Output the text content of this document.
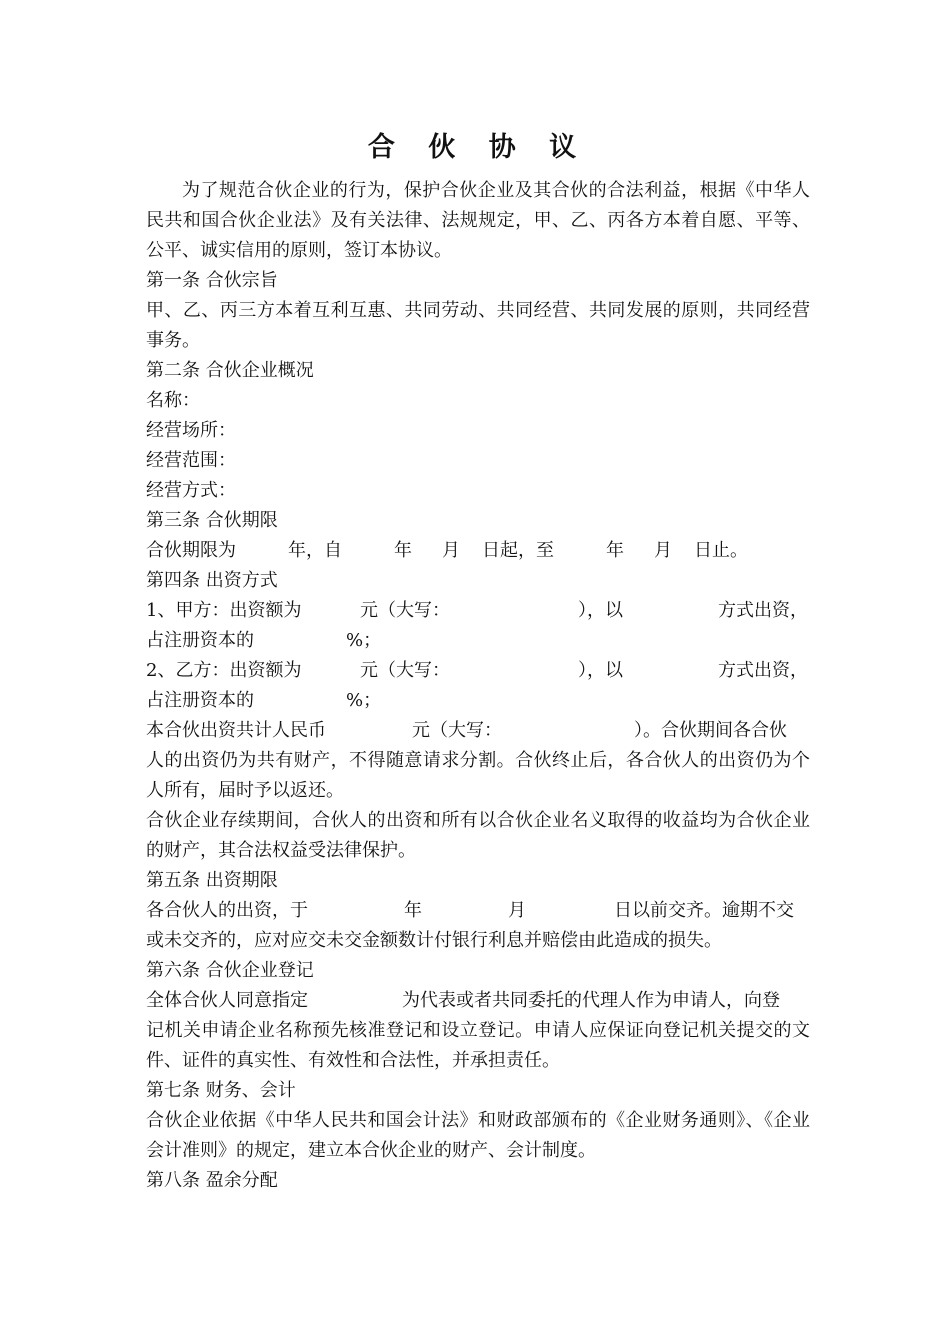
合 伙 协 议

为了规范合伙企业的行为，保护合伙企业及其合伙的合法利益，根据《中华人民共和国合伙企业法》及有关法律、法规规定，甲、乙、丙各方本着自愿、平等、公平、诚实信用的原则，签订本协议。

第一条 合伙宗旨

甲、乙、丙三方本着互利互惠、共同劳动、共同经营、共同发展的原则，共同经营事务。

第二条 合伙企业概况

名称：

经营场所：

经营范围：

经营方式：

第三条 合伙期限

合伙期限为	年，自	年	月	日起，至	年	月	日止。

第四条 出资方式

1、甲方：出资额为	元（大写：	），以	方式出资，
占注册资本的	%；
2、乙方：出资额为	元（大写：	），以	方式出资，
占注册资本的	%；
本合伙出资共计人民币	元（大写：	）。合伙期间各合伙

人的出资仍为共有财产，不得随意请求分割。合伙终止后，各合伙人的出资仍为个人所有，届时予以返还。

合伙企业存续期间，合伙人的出资和所有以合伙企业名义取得的收益均为合伙企业的财产，其合法权益受法律保护。

第五条 出资期限

各合伙人的出资，于	年	月	日以前交齐。逾期不交

或未交齐的，应对应交未交金额数计付银行利息并赔偿由此造成的损失。

第六条 合伙企业登记

全体合伙人同意指定	为代表或者共同委托的代理人作为申请人，向登

记机关申请企业名称预先核准登记和设立登记。申请人应保证向登记机关提交的文件、证件的真实性、有效性和合法性，并承担责任。

第七条 财务、会计

合伙企业依据《中华人民共和国会计法》和财政部颁布的《企业财务通则》、《企业会计准则》的规定，建立本合伙企业的财产、会计制度。

第八条 盈余分配
